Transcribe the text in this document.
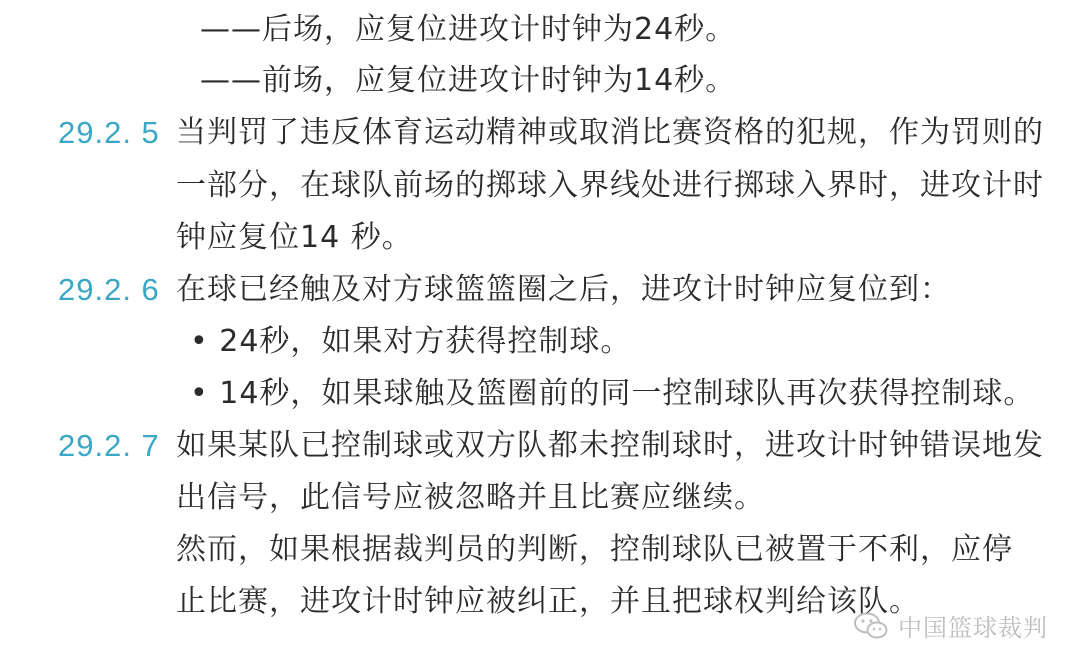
——后场，应复位进攻计时钟为24秒。
——前场，应复位进攻计时钟为14秒。
29.2. 5 当判罚了违反体育运动精神或取消比赛资格的犯规，作为罚则的
一部分，在球队前场的掷球入界线处进行掷球入界时，进攻计时
钟应复位14 秒。
29.2. 6 在球已经触及对方球篮篮圈之后，进攻计时钟应复位到：
• 24秒，如果对方获得控制球。
• 14秒，如果球触及篮圈前的同一控制球队再次获得控制球。
29.2. 7 如果某队已控制球或双方队都未控制球时，进攻计时钟错误地发
出信号，此信号应被忽略并且比赛应继续。
然而，如果根据裁判员的判断，控制球队已被置于不利，应停
止比赛，进攻计时钟应被纠正，并且把球权判给该队。
中国篮球裁判
